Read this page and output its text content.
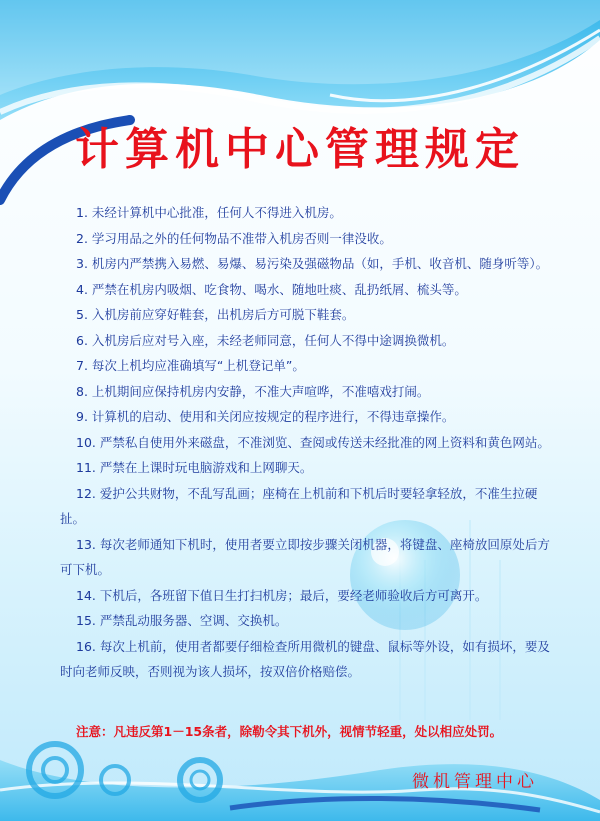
计算机中心管理规定
1. 未经计算机中心批准，任何人不得进入机房。
2. 学习用品之外的任何物品不准带入机房否则一律没收。
3. 机房内严禁携入易燃、易爆、易污染及强磁物品（如，手机、收音机、随身听等）。
4. 严禁在机房内吸烟、吃食物、喝水、随地吐痰、乱扔纸屑、梳头等。
5. 入机房前应穿好鞋套，出机房后方可脱下鞋套。
6. 入机房后应对号入座，未经老师同意，任何人不得中途调换微机。
7. 每次上机均应准确填写“上机登记单”。
8. 上机期间应保持机房内安静，不准大声喧哗，不准嘻戏打闹。
9. 计算机的启动、使用和关闭应按规定的程序进行，不得违章操作。
10. 严禁私自使用外来磁盘，不准浏览、查阅或传送未经批准的网上资料和黄色网站。
11. 严禁在上课时玩电脑游戏和上网聊天。
12. 爱护公共财物，不乱写乱画；座椅在上机前和下机后时要轻拿轻放，不准生拉硬扯。
13. 每次老师通知下机时，使用者要立即按步骤关闭机器，将键盘、座椅放回原处后方可下机。
14. 下机后，各班留下值日生打扫机房；最后，要经老师验收后方可离开。
15. 严禁乱动服务器、空调、交换机。
16. 每次上机前，使用者都要仔细检查所用微机的键盘、鼠标等外设，如有损坏，要及时向老师反映，否则视为该人损坏，按双倍价格赔偿。
注意：凡违反第1－15条者，除勒令其下机外，视情节轻重，处以相应处罚。
微机管理中心
